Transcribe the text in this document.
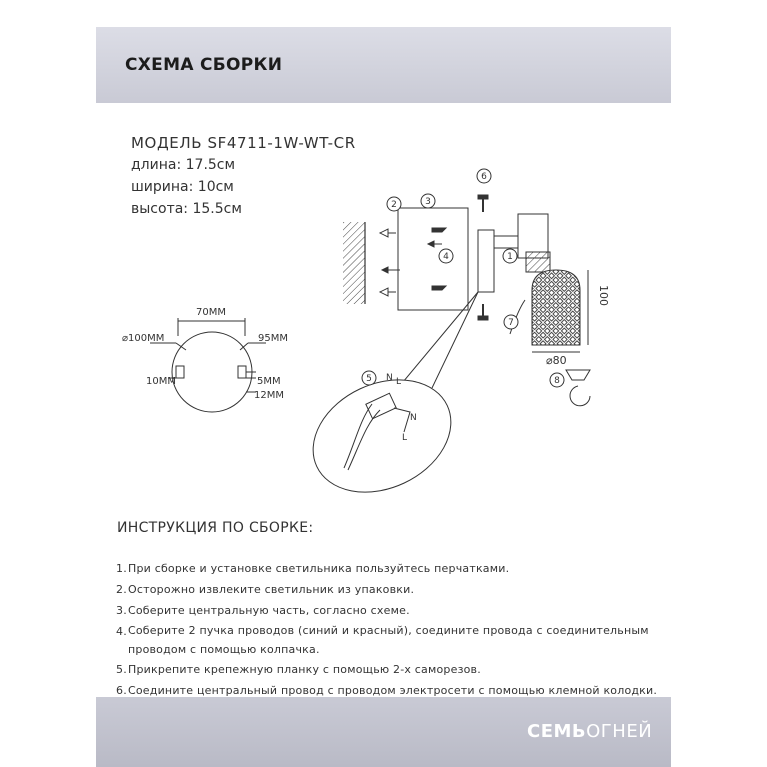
СХЕМА СБОРКИ
МОДЕЛЬ SF4711-1W-WT-CR
длина: 17.5см
ширина: 10см
высота: 15.5см
70MM
⌀100MM	95MM
10MM	5MM
12MM
100
⌀80
N L
N
L
1
2	3
4
5
6
7
8
ИНСТРУКЦИЯ ПО СБОРКЕ:
1. При сборке и установке светильника пользуйтесь перчатками.
2. Осторожно извлеките светильник из упаковки.
3. Соберите центральную часть, согласно схеме.
4. Соберите 2 пучка проводов (синий и красный), соедините провода с соединительным проводом с помощью колпачка.
5. Прикрепите крепежную планку с помощью 2-х саморезов.
6. Соедините центральный провод с проводом электросети с помощью клемной колодки.
СЕМЬОГНЕЙ
